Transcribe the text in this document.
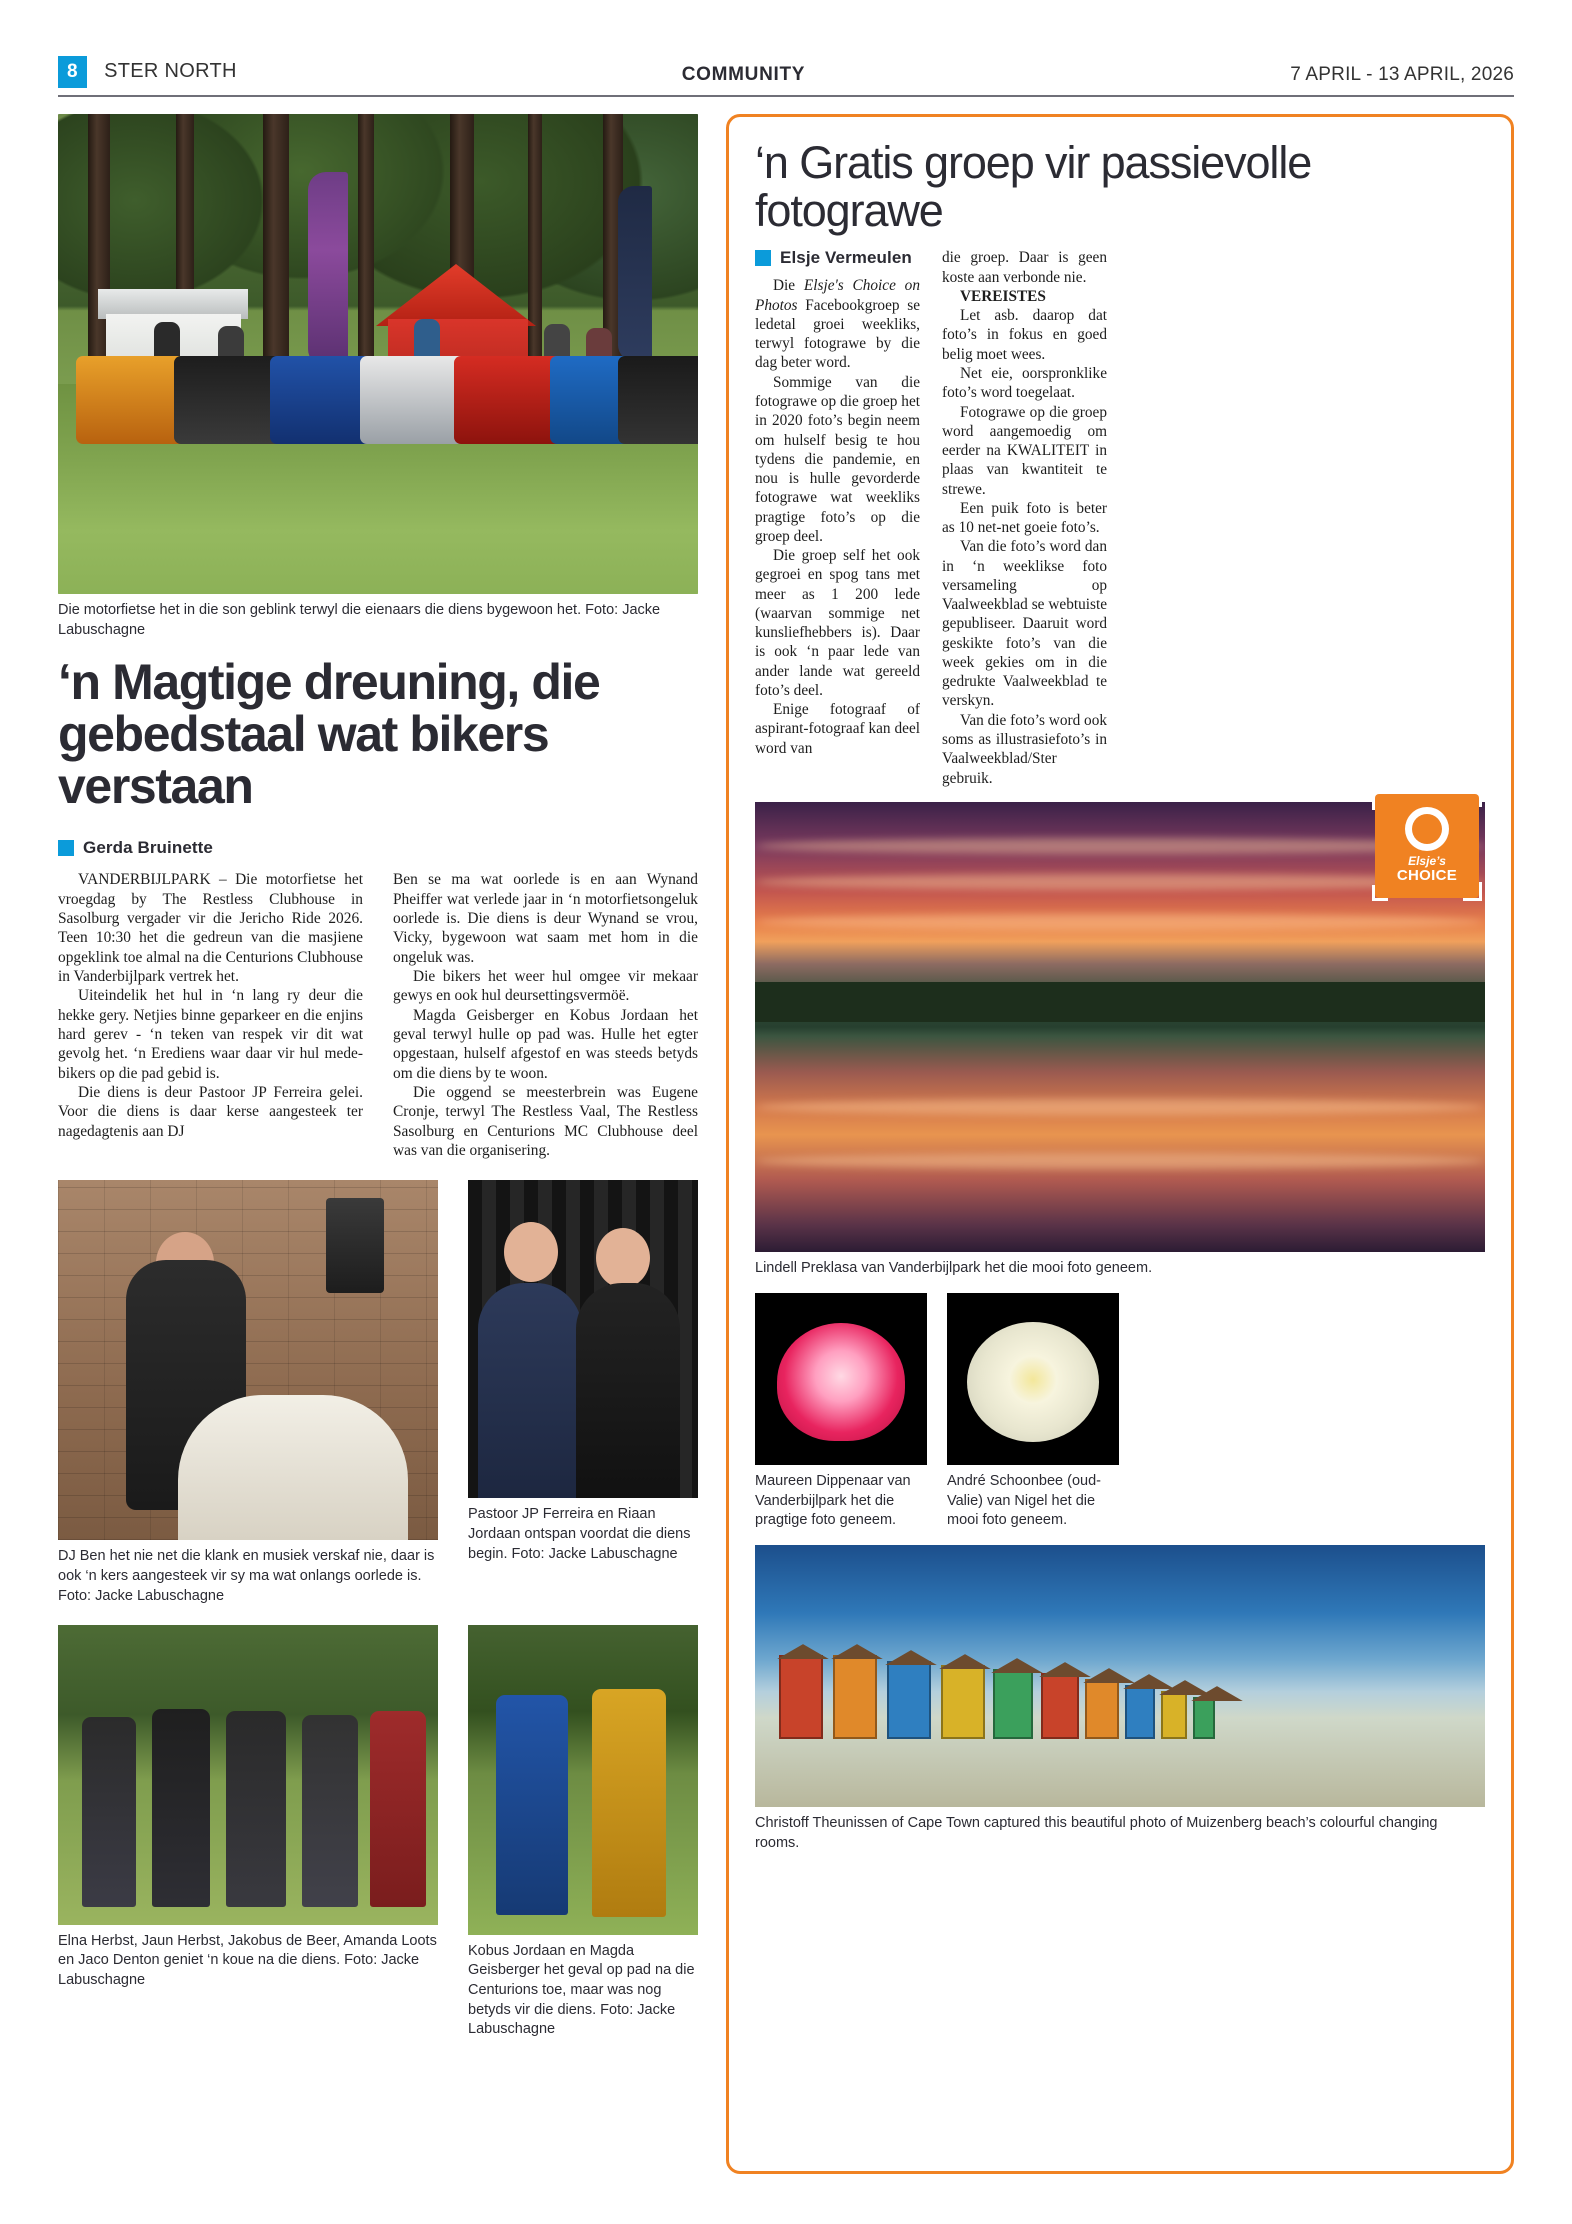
8	STER NORTH	COMMUNITY	7 APRIL - 13 APRIL, 2026
Die motorfietse het in die son geblink terwyl die eienaars die diens bygewoon het. Foto: Jacke Labuschagne
‘n Magtige dreuning, die gebedstaal wat bikers verstaan
Gerda Bruinette

VANDERBIJLPARK – Die motorfietse het vroegdag by The Restless Clubhouse in Sasolburg vergader vir die Jericho Ride 2026. Teen 10:30 het die gedreun van die masjiene opgeklink toe almal na die Centurions Clubhouse in Vanderbijlpark vertrek het.

Uiteindelik het hul in ‘n lang ry deur die hekke gery. Netjies binne geparkeer en die enjins hard gerev - ‘n teken van respek vir dit wat gevolg het. ‘n Erediens waar daar vir hul mede-bikers op die pad gebid is.

Die diens is deur Pastoor JP Ferreira gelei. Voor die diens is daar kerse aangesteek ter nagedagtenis aan DJ

Ben se ma wat oorlede is en aan Wynand Pheiffer wat verlede jaar in ‘n motorfietsongeluk oorlede is. Die diens is deur Wynand se vrou, Vicky, bygewoon wat saam met hom in die ongeluk was.

Die bikers het weer hul omgee vir mekaar gewys en ook hul deursettingsvermöë.

Magda Geisberger en Kobus Jordaan het geval terwyl hulle op pad was. Hulle het egter opgestaan, hulself afgestof en was steeds betyds om die diens by te woon.

Die oggend se meesterbrein was Eugene Cronje, terwyl The Restless Vaal, The Restless Sasolburg en Centurions MC Clubhouse deel was van die organisering.

DJ Ben het nie net die klank en musiek verskaf nie, daar is ook ‘n kers aangesteek vir sy ma wat onlangs oorlede is. Foto: Jacke Labuschagne
Pastoor JP Ferreira en Riaan Jordaan ontspan voordat die diens begin. Foto: Jacke Labuschagne
Elna Herbst, Jaun Herbst, Jakobus de Beer, Amanda Loots en Jaco Denton geniet ‘n koue na die diens. Foto: Jacke Labuschagne
Kobus Jordaan en Magda Geisberger het geval op pad na die Centurions toe, maar was nog betyds vir die diens. Foto: Jacke Labuschagne
‘n Gratis groep vir passievolle fotograwe
Elsje Vermeulen

Die Elsje's Choice on Photos Facebookgroep se ledetal groei weekliks, terwyl fotograwe by die dag beter word.

Sommige van die fotograwe op die groep het in 2020 foto’s begin neem om hulself besig te hou tydens die pandemie, en nou is hulle gevorderde fotograwe wat weekliks pragtige foto’s op die groep deel.

Die groep self het ook gegroei en spog tans met meer as 1 200 lede (waarvan sommige net kunsliefhebbers is). Daar is ook ‘n paar lede van ander lande wat gereeld foto’s deel.

Enige fotograaf of aspirant-fotograaf kan deel word van

die groep. Daar is geen koste aan verbonde nie.

VEREISTES

Let asb. daarop dat foto’s in fokus en goed belig moet wees.

Net eie, oorspronklike foto’s word toegelaat.

Fotograwe op die groep word aangemoedig om eerder na KWALITEIT in plaas van kwantiteit te strewe.

Een puik foto is beter as 10 net-net goeie foto’s.

Van die foto’s word dan in ‘n weeklikse foto versameling op Vaalweekblad se webtuiste gepubliseer. Daaruit word geskikte foto’s van die week gekies om in die gedrukte Vaalweekblad te verskyn.

Van die foto’s word ook soms as illustrasiefoto’s in Vaalweekblad/Ster gebruik.

Elsje’s
CHOICE
Lindell Preklasa van Vanderbijlpark het die mooi foto geneem.
Maureen Dippenaar van Vanderbijlpark het die pragtige foto geneem.
André Schoonbee (oud-Valie) van Nigel het die mooi foto geneem.
Christoff Theunissen of Cape Town captured this beautiful photo of Muizenberg beach’s colourful changing rooms.
